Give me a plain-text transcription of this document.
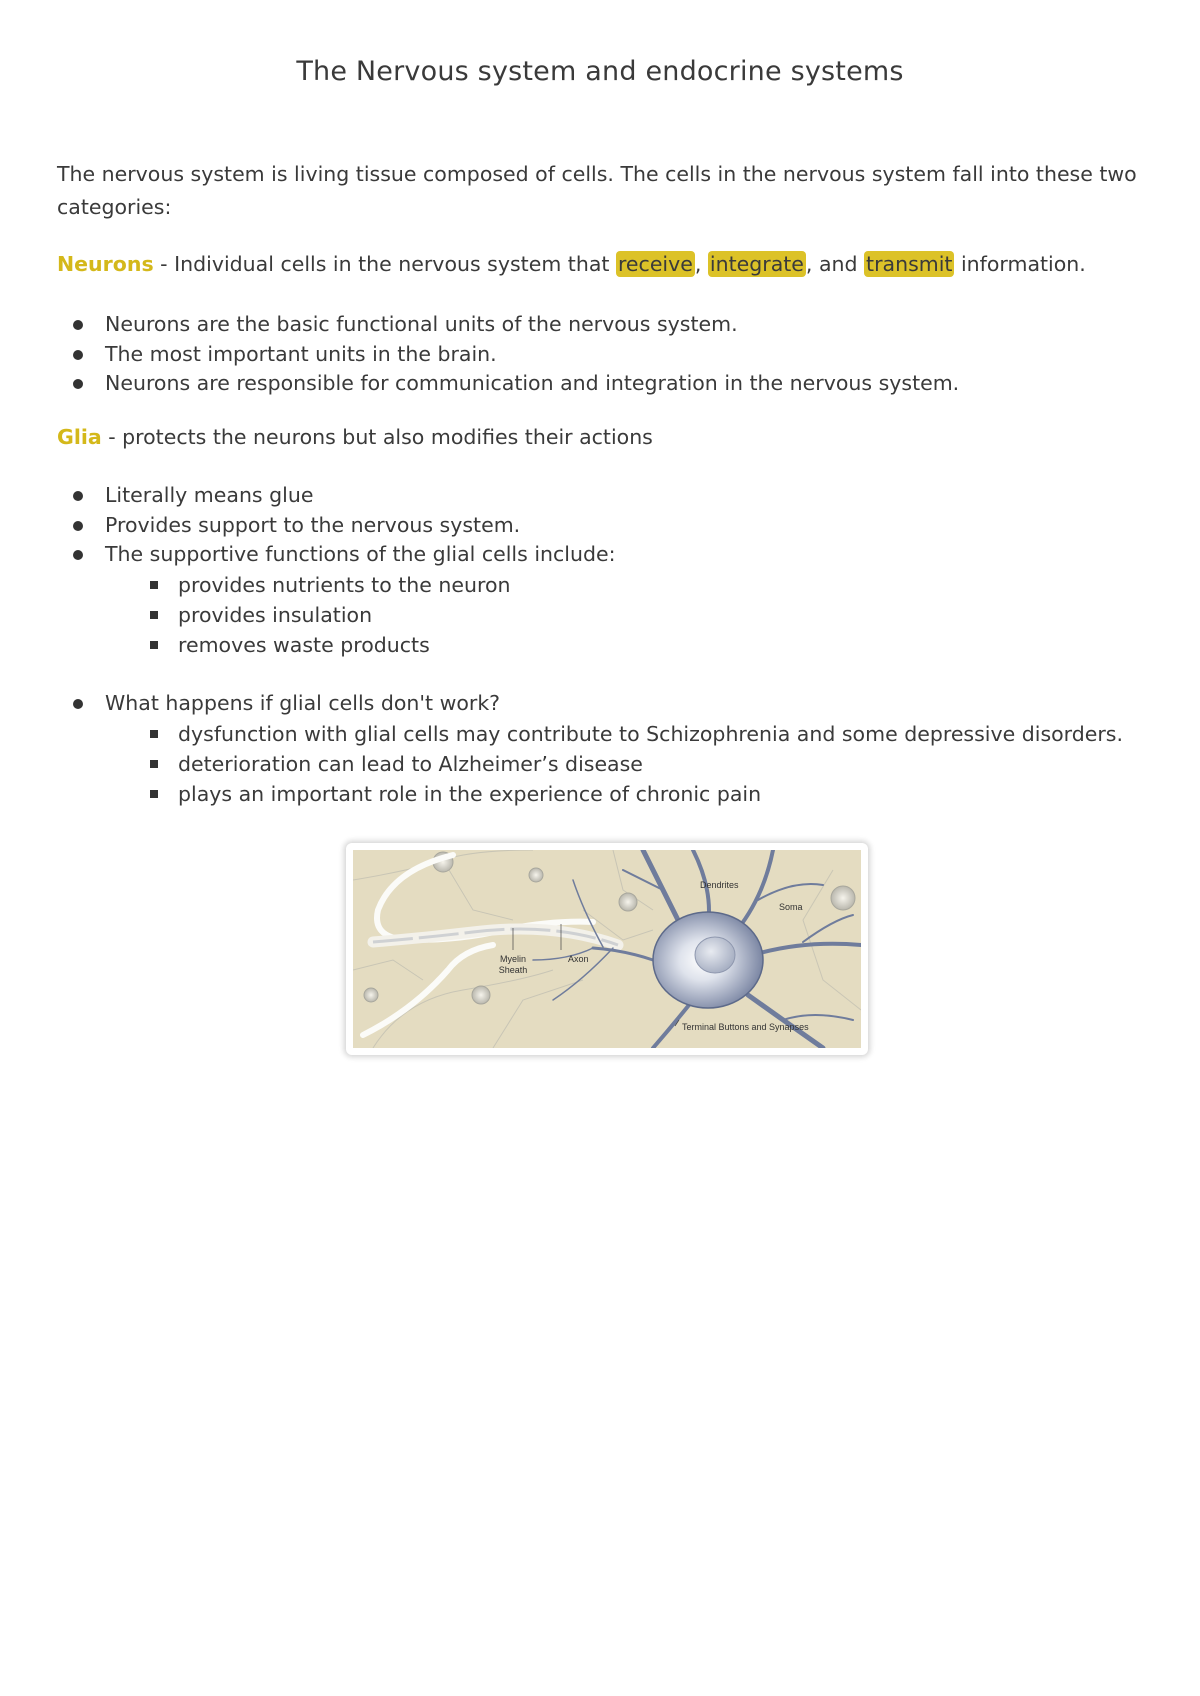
The Nervous system and endocrine systems
The nervous system is living tissue composed of cells. The cells in the nervous system fall into these two categories:
Neurons - Individual cells in the nervous system that receive, integrate, and transmit information.
Neurons are the basic functional units of the nervous system.
The most important units in the brain.
Neurons are responsible for communication and integration in the nervous system.
Glia - protects the neurons but also modifies their actions
Literally means glue
Provides support to the nervous system.
The supportive functions of the glial cells include:
provides nutrients to the neuron
provides insulation
removes waste products
What happens if glial cells don't work?
dysfunction with glial cells may contribute to Schizophrenia and some depressive disorders.
deterioration can lead to Alzheimer’s disease
plays an important role in the experience of chronic pain
Dendrites
Soma
Myelin
Sheath
Axon
Terminal Buttons and Synapses
